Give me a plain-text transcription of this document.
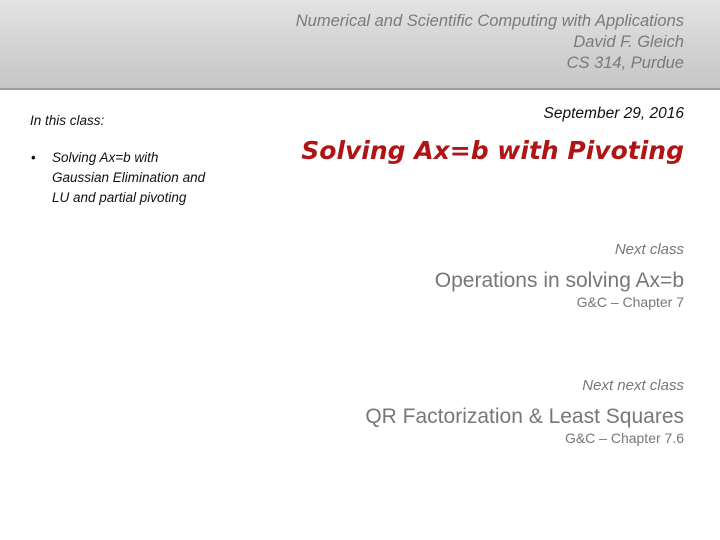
Numerical and Scientific Computing with Applications
David F. Gleich
CS 314, Purdue
In this class:
• Solving Ax=b with
Gaussian Elimination and
LU and partial pivoting
September 29, 2016
Solving Ax=b with Pivoting
Next class
Operations in solving Ax=b
G&C – Chapter 7
Next next class
QR Factorization & Least Squares
G&C – Chapter 7.6
